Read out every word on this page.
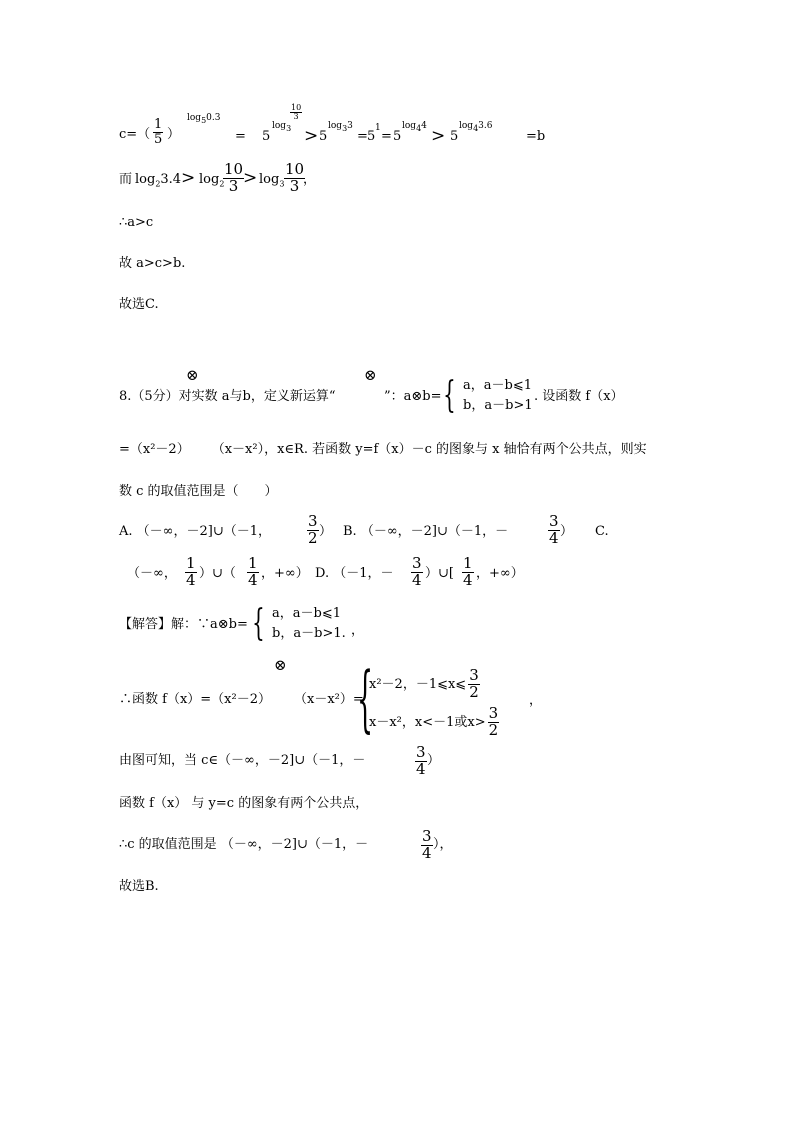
$c=( \frac{1}{5}$ ）
$\log_50.3$
= 5
$\log_3$
$\frac{10}{3}$
> 5
$\log_33$
= 5
1
= 5
$\log_44 > 5$
$\log_43.6$
=b
而 $\log_23.4 > \log_2$
$\frac{10}{3}$
> $\log_3 \frac{10}{3}$
，
∴a>c
故 a>c>b.
故选C.
⊗	⊗
8.（5分）对实数 a与b，定义新运算“	”：a⊗b= { a，a－b⩽1
b，a－b>1
. 设函数 f（x）
=（x²－2） （x－x²），x∈R. 若函数 y=f（x）－c 的图象与 x 轴恰有两个公共点，则实
数 c 的取值范围是（　　）
A. （－∞，－2]∪（－1， $\frac{3}{2}$ ） B. （－∞，－2]∪（－1，－	$\frac{3}{4}$ ） C.
（－∞， $\frac{1}{4}$ ）∪（ $\frac{1}{4}$ ，+∞） D. （－1，－ $\frac{3}{4}$ ）∪[ $\frac{1}{4}$ ，+∞）
【解答】解：∵a⊗b= { a，a－b⩽1
b，a－b>1. ，
⊗
∴函数 f（x）=（x²－2） （x－x²）=
{
x²－2，－1⩽x⩽ $\frac{3}{2}$
x－x²，x<－1或$x> \frac{3}{2}$
，
由图可知，当 c∈（－∞，－2]∪（－1，－	$\frac{3}{4}$ ）
函数 f（x） 与 y=c 的图象有两个公共点，
∴c 的取值范围是 （－∞，－2]∪（－1，－	$\frac{3}{4}$ ），
故选B.
